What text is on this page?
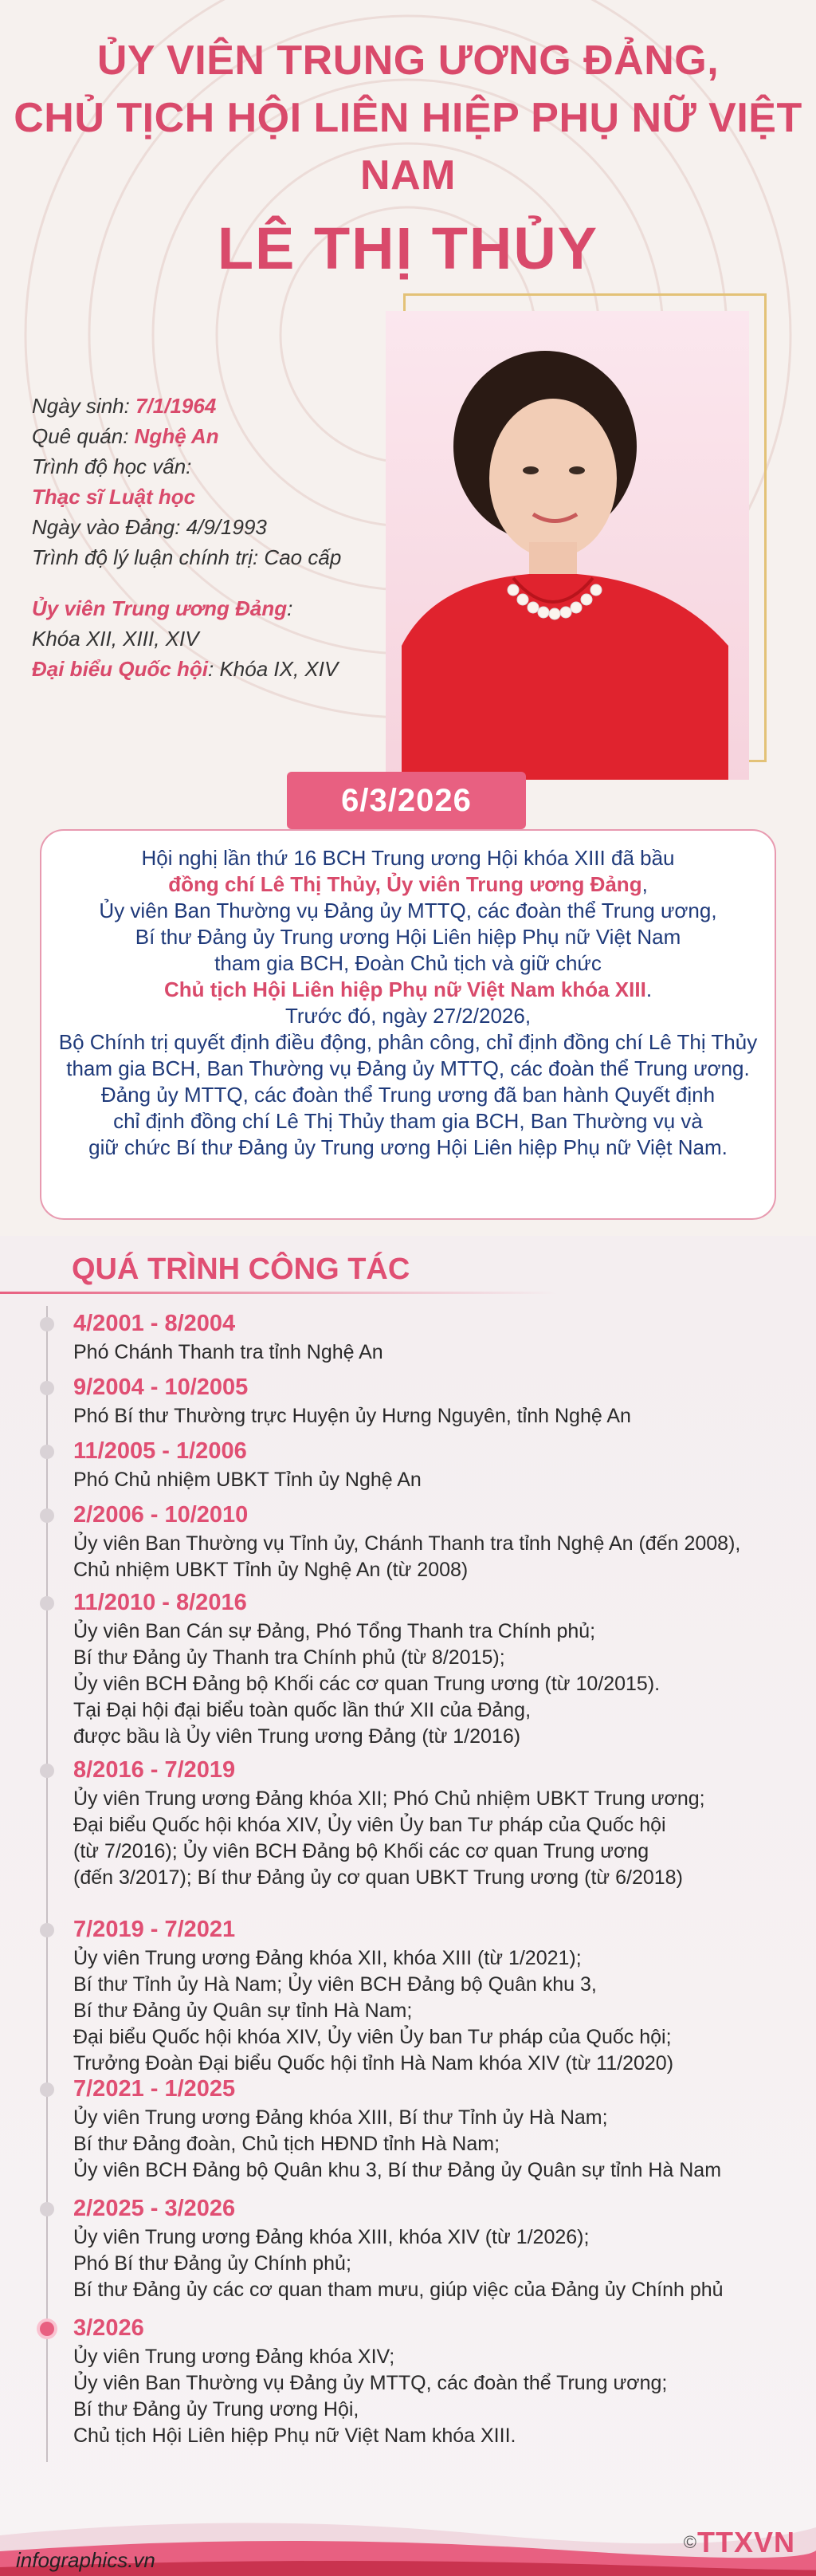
ỦY VIÊN TRUNG ƯƠNG ĐẢNG,
CHỦ TỊCH HỘI LIÊN HIỆP PHỤ NỮ VIỆT NAM
LÊ THỊ THỦY
Ngày sinh: 7/1/1964
Quê quán: Nghệ An
Trình độ học vấn:
Thạc sĩ Luật học
Ngày vào Đảng: 4/9/1993
Trình độ lý luận chính trị: Cao cấp
Ủy viên Trung ương Đảng:
Khóa XII, XIII, XIV
Đại biểu Quốc hội: Khóa IX, XIV
6/3/2026
Hội nghị lần thứ 16 BCH Trung ương Hội khóa XIII đã bầu
đồng chí Lê Thị Thủy, Ủy viên Trung ương Đảng,
Ủy viên Ban Thường vụ Đảng ủy MTTQ, các đoàn thể Trung ương,
Bí thư Đảng ủy Trung ương Hội Liên hiệp Phụ nữ Việt Nam
tham gia BCH, Đoàn Chủ tịch và giữ chức
Chủ tịch Hội Liên hiệp Phụ nữ Việt Nam khóa XIII.
Trước đó, ngày 27/2/2026,
Bộ Chính trị quyết định điều động, phân công, chỉ định đồng chí Lê Thị Thủy
tham gia BCH, Ban Thường vụ Đảng ủy MTTQ, các đoàn thể Trung ương.
Đảng ủy MTTQ, các đoàn thể Trung ương đã ban hành Quyết định
chỉ định đồng chí Lê Thị Thủy tham gia BCH, Ban Thường vụ và
giữ chức Bí thư Đảng ủy Trung ương Hội Liên hiệp Phụ nữ Việt Nam.
QUÁ TRÌNH CÔNG TÁC
4/2001 - 8/2004
Phó Chánh Thanh tra tỉnh Nghệ An
9/2004 - 10/2005
Phó Bí thư Thường trực Huyện ủy Hưng Nguyên, tỉnh Nghệ An
11/2005 - 1/2006
Phó Chủ nhiệm UBKT Tỉnh ủy Nghệ An
2/2006 - 10/2010
Ủy viên Ban Thường vụ Tỉnh ủy, Chánh Thanh tra tỉnh Nghệ An (đến 2008),
Chủ nhiệm UBKT Tỉnh ủy Nghệ An (từ 2008)
11/2010 - 8/2016
Ủy viên Ban Cán sự Đảng, Phó Tổng Thanh tra Chính phủ;
Bí thư Đảng ủy Thanh tra Chính phủ (từ 8/2015);
Ủy viên BCH Đảng bộ Khối các cơ quan Trung ương (từ 10/2015).
Tại Đại hội đại biểu toàn quốc lần thứ XII của Đảng,
được bầu là Ủy viên Trung ương Đảng (từ 1/2016)
8/2016 - 7/2019
Ủy viên Trung ương Đảng khóa XII; Phó Chủ nhiệm UBKT Trung ương;
Đại biểu Quốc hội khóa XIV, Ủy viên Ủy ban Tư pháp của Quốc hội
(từ 7/2016); Ủy viên BCH Đảng bộ Khối các cơ quan Trung ương
(đến 3/2017); Bí thư Đảng ủy cơ quan UBKT Trung ương (từ 6/2018)
7/2019 - 7/2021
Ủy viên Trung ương Đảng khóa XII, khóa XIII (từ 1/2021);
Bí thư Tỉnh ủy Hà Nam; Ủy viên BCH Đảng bộ Quân khu 3,
Bí thư Đảng ủy Quân sự tỉnh Hà Nam;
Đại biểu Quốc hội khóa XIV, Ủy viên Ủy ban Tư pháp của Quốc hội;
Trưởng Đoàn Đại biểu Quốc hội tỉnh Hà Nam khóa XIV (từ 11/2020)
7/2021 - 1/2025
Ủy viên Trung ương Đảng khóa XIII, Bí thư Tỉnh ủy Hà Nam;
Bí thư Đảng đoàn, Chủ tịch HĐND tỉnh Hà Nam;
Ủy viên BCH Đảng bộ Quân khu 3, Bí thư Đảng ủy Quân sự tỉnh Hà Nam
2/2025 - 3/2026
Ủy viên Trung ương Đảng khóa XIII, khóa XIV (từ 1/2026);
Phó Bí thư Đảng ủy Chính phủ;
Bí thư Đảng ủy các cơ quan tham mưu, giúp việc của Đảng ủy Chính phủ
3/2026
Ủy viên Trung ương Đảng khóa XIV;
Ủy viên Ban Thường vụ Đảng ủy MTTQ, các đoàn thể Trung ương;
Bí thư Đảng ủy Trung ương Hội,
Chủ tịch Hội Liên hiệp Phụ nữ Việt Nam khóa XIII.
infographics.vn
© TTXVN
